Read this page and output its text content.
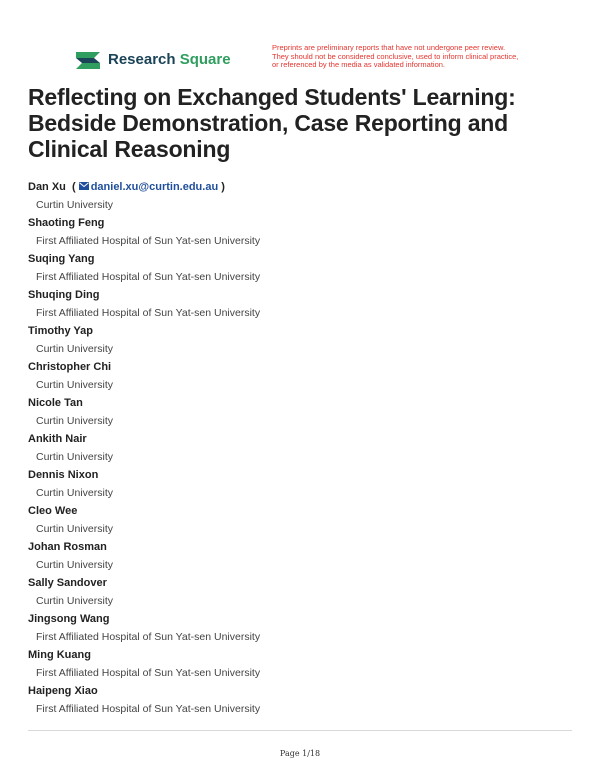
Research Square
Preprints are preliminary reports that have not undergone peer review.
They should not be considered conclusive, used to inform clinical practice,
or referenced by the media as validated information.
Reflecting on Exchanged Students' Learning: Bedside Demonstration, Case Reporting and Clinical Reasoning
Dan Xu  ( daniel.xu@curtin.edu.au )
Curtin University
Shaoting Feng
First Affiliated Hospital of Sun Yat-sen University
Suqing Yang
First Affiliated Hospital of Sun Yat-sen University
Shuqing Ding
First Affiliated Hospital of Sun Yat-sen University
Timothy Yap
Curtin University
Christopher Chi
Curtin University
Nicole Tan
Curtin University
Ankith Nair
Curtin University
Dennis Nixon
Curtin University
Cleo Wee
Curtin University
Johan Rosman
Curtin University
Sally Sandover
Curtin University
Jingsong Wang
First Affiliated Hospital of Sun Yat-sen University
Ming Kuang
First Affiliated Hospital of Sun Yat-sen University
Haipeng Xiao
First Affiliated Hospital of Sun Yat-sen University
Page 1/18
